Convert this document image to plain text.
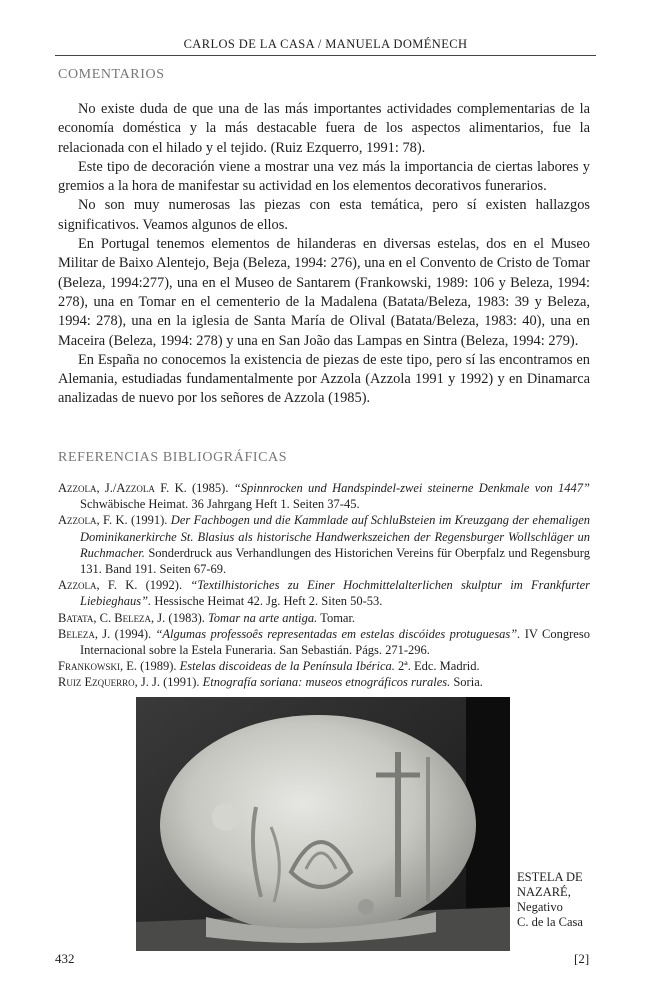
CARLOS DE LA CASA / MANUELA DOMÉNECH
COMENTARIOS

No existe duda de que una de las más importantes actividades complementarias de la economía doméstica y la más destacable fuera de los aspectos alimentarios, fue la relacionada con el hilado y el tejido. (Ruiz Ezquerro, 1991: 78).

Este tipo de decoración viene a mostrar una vez más la importancia de ciertas labores y gremios a la hora de manifestar su actividad en los elementos decorativos funerarios.

No son muy numerosas las piezas con esta temática, pero sí existen hallazgos significativos. Veamos algunos de ellos.

En Portugal tenemos elementos de hilanderas en diversas estelas, dos en el Museo Militar de Baixo Alentejo, Beja (Beleza, 1994: 276), una en el Convento de Cristo de Tomar (Beleza, 1994:277), una en el Museo de Santarem (Frankowski, 1989: 106 y Beleza, 1994: 278), una en Tomar en el cementerio de la Madalena (Batata/Beleza, 1983: 39 y Beleza, 1994: 278), una en la iglesia de Santa María de Olival (Batata/Beleza, 1983: 40), una en Maceira (Beleza, 1994: 278) y una en San João das Lampas en Sintra (Beleza, 1994: 279).

En España no conocemos la existencia de piezas de este tipo, pero sí las encontramos en Alemania, estudiadas fundamentalmente por Azzola (Azzola 1991 y 1992) y en Dinamarca analizadas de nuevo por los señores de Azzola (1985).

REFERENCIAS BIBLIOGRÁFICAS

Azzola, J./Azzola F. K. (1985). “Spinnrocken und Handspindel-zwei steinerne Denkmale von 1447” Schwäbische Heimat. 36 Jahrgang Heft 1. Seiten 37-45.

Azzola, F. K. (1991). Der Fachbogen und die Kammlade auf SchluBsteien im Kreuzgang der ehemaligen Dominikanerkirche St. Blasius als historische Handwerkszeichen der Regensburger Wollschläger un Ruchmacher. Sonderdruck aus Verhandlungen des Historichen Vereins für Oberpfalz und Regensburg 131. Band 191. Seiten 67-69.

Azzola, F. K. (1992). “Textilhistoriches zu Einer Hochmittelalterlichen skulptur im Frankfurter Liebieghaus”. Hessische Heimat 42. Jg. Heft 2. Siten 50-53.

Batata, C. Beleza, J. (1983). Tomar na arte antiga. Tomar.

Beleza, J. (1994). “Algumas professoês representadas em estelas discóides protuguesas”. IV Congreso Internacional sobre la Estela Funeraria. San Sebastián. Págs. 271-296.

Frankowski, E. (1989). Estelas discoideas de la Península Ibérica. 2ª. Edc. Madrid.

Ruiz Ezquerro, J. J. (1991). Etnografía soriana: museos etnográficos rurales. Soria.

ESTELA DE
NAZARÉ,
Negativo
C. de la Casa
432	[2]
